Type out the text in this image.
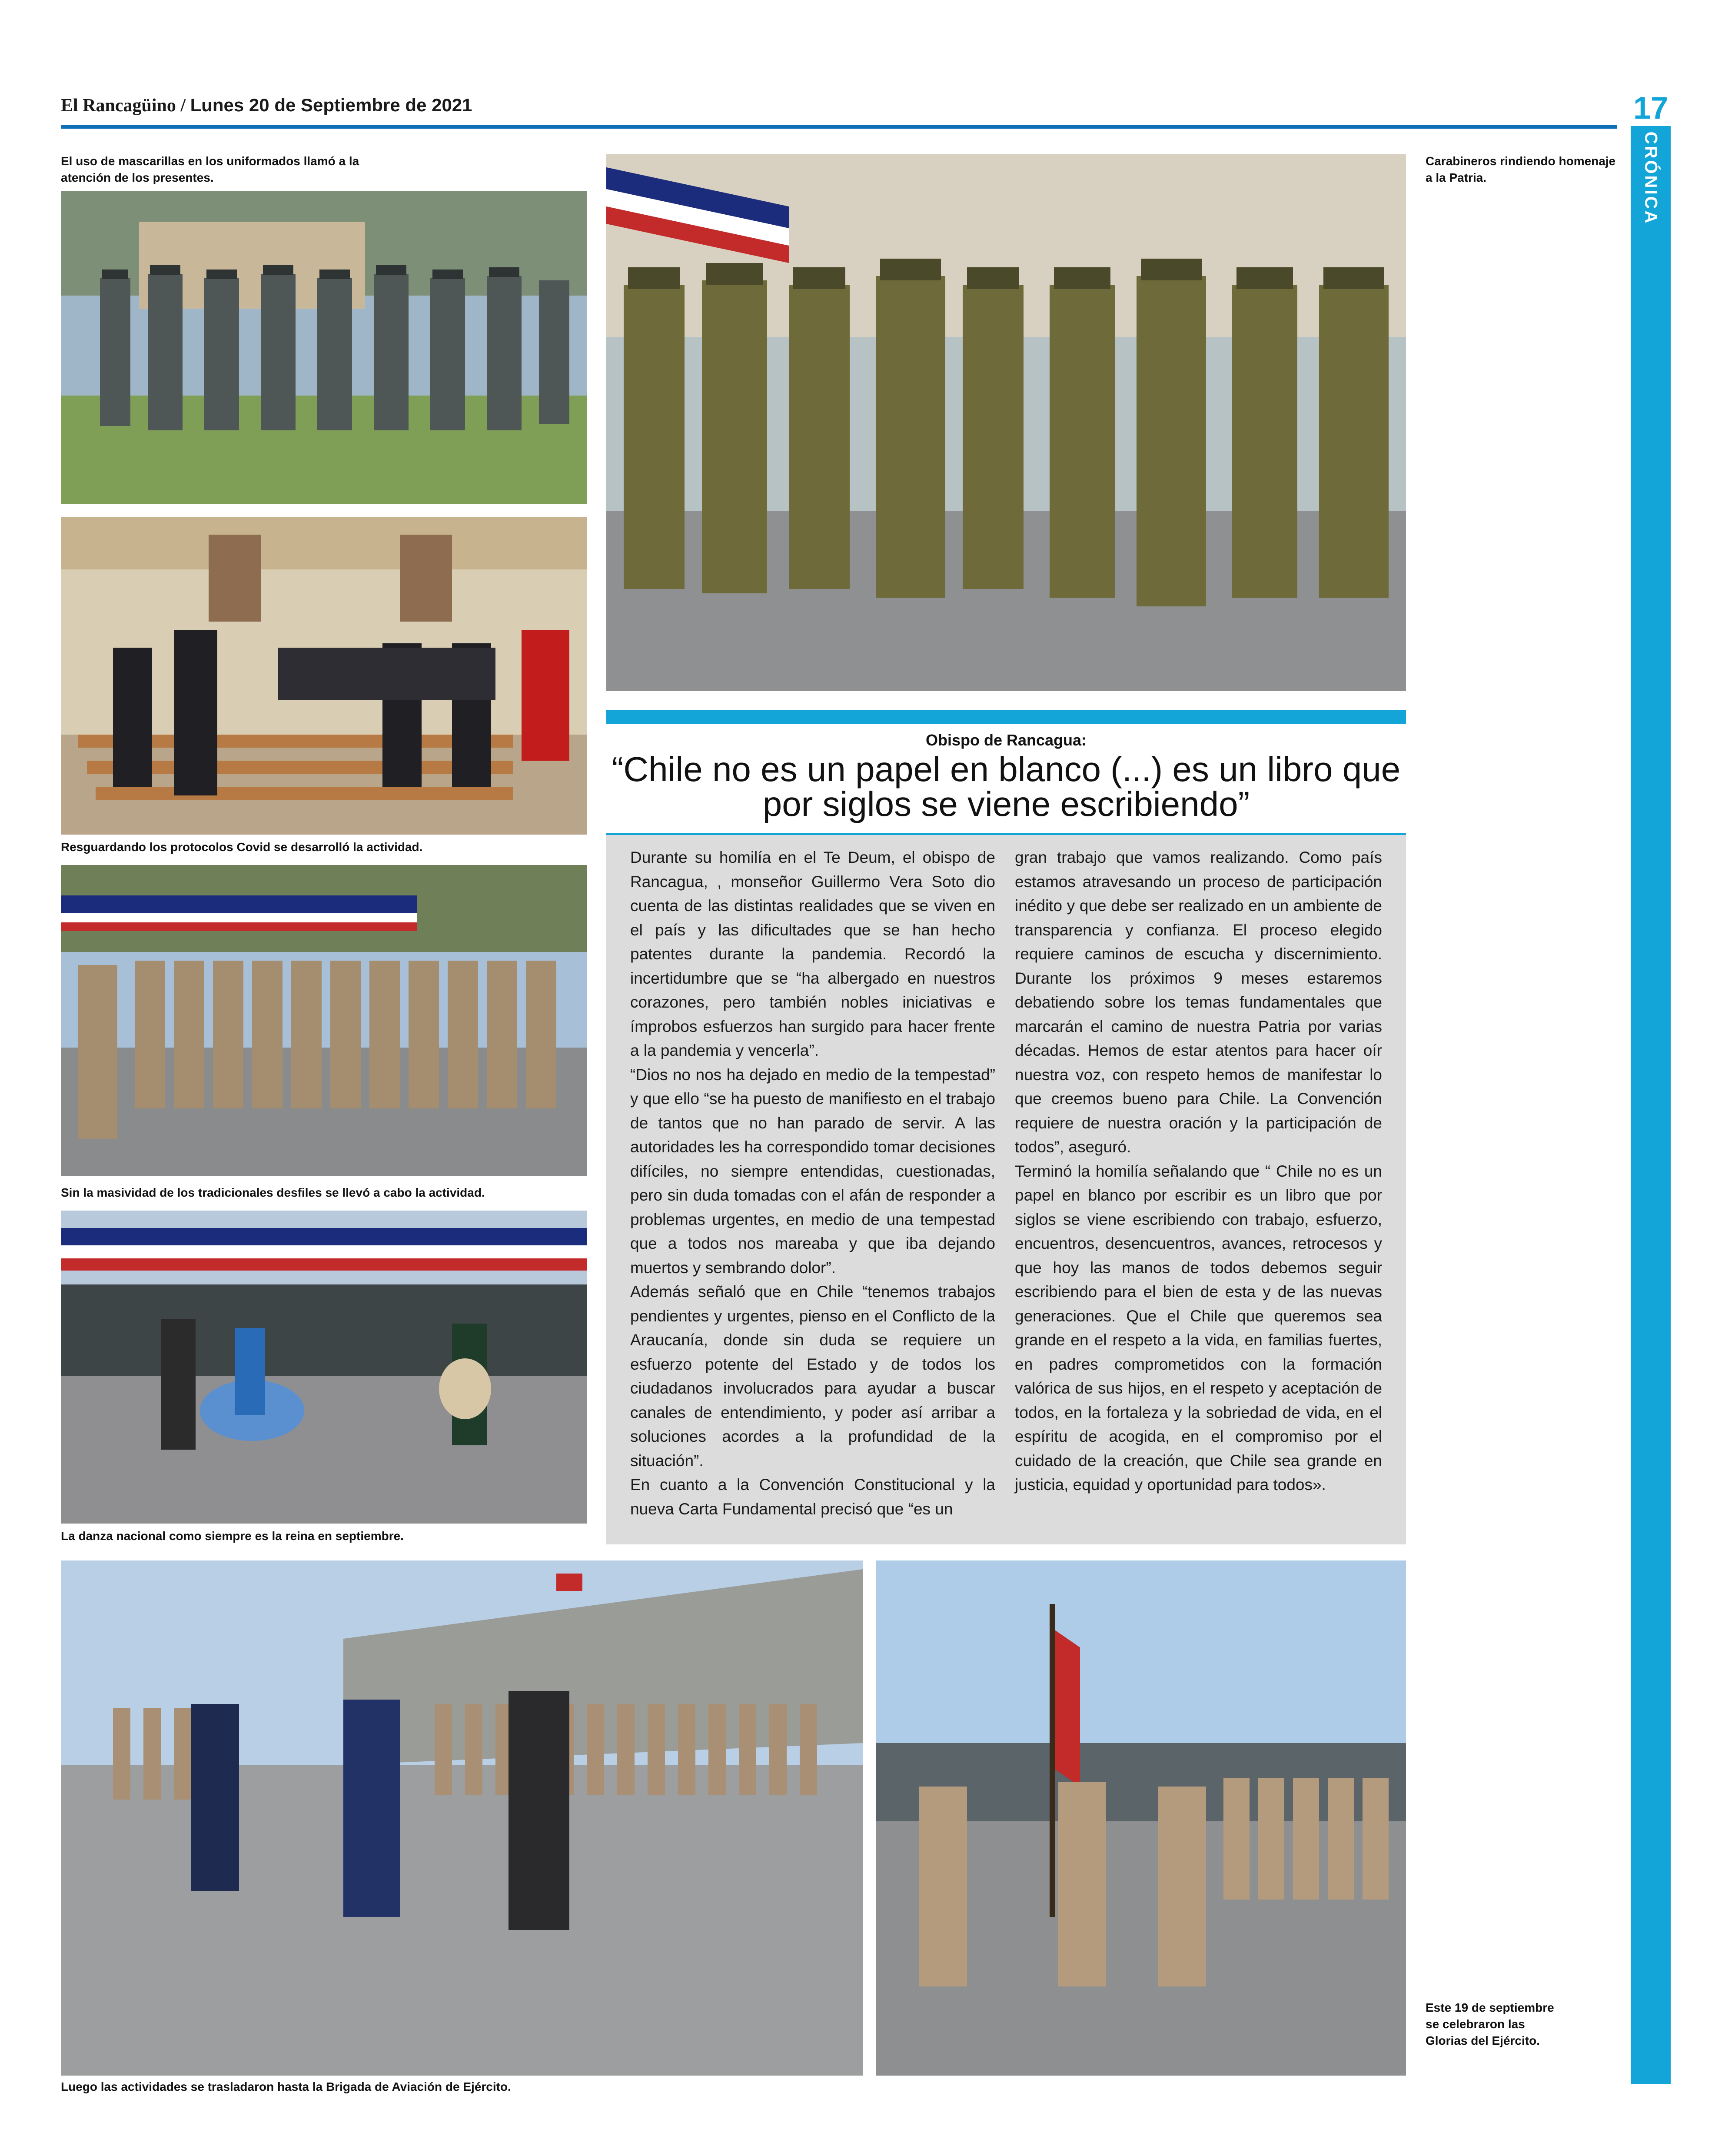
El Rancagüino / Lunes 20 de Septiembre de 2021	17
CRÓNICA
El uso de mascarillas en los uniformados llamó a la atención de los presentes.
Resguardando los protocolos Covid se desarrolló la actividad.
Sin la masividad de los tradicionales desfiles se llevó a cabo la actividad.
La danza nacional como siempre es la reina en septiembre.
Carabineros rindiendo homenaje a la Patria.
Obispo de Rancagua:
“Chile no es un papel en blanco (...) es un libro que por siglos se viene escribiendo”

Durante su homilía en el Te Deum, el obispo de Rancagua, , monseñor Guillermo Vera Soto dio cuenta de las distintas realidades que se viven en el país y las dificultades que se han hecho patentes durante la pandemia. Recordó la incertidumbre que se “ha albergado en nuestros corazones, pero también nobles iniciativas e ímprobos esfuerzos han surgido para hacer frente a la pandemia y vencerla”.

“Dios no nos ha dejado en medio de la tempestad” y que ello “se ha puesto de manifiesto en el trabajo de tantos que no han parado de servir. A las autoridades les ha correspondido tomar decisiones difíciles, no siempre entendidas, cuestionadas, pero sin duda tomadas con el afán de responder a problemas urgentes, en medio de una tempestad que a todos nos mareaba y que iba dejando muertos y sembrando dolor”.

Además señaló que en Chile “tenemos trabajos pendientes y urgentes, pienso en el Conflicto de la Araucanía, donde sin duda se requiere un esfuerzo potente del Estado y de todos los ciudadanos involucrados para ayudar a buscar canales de entendimiento, y poder así arribar a soluciones acordes a la profundidad de la situación”.

En cuanto a la Convención Constitucional y la nueva Carta Fundamental precisó que “es un

gran trabajo que vamos realizando. Como país estamos atravesando un proceso de participación inédito y que debe ser realizado en un ambiente de transparencia y confianza. El proceso elegido requiere caminos de escucha y discernimiento. Durante los próximos 9 meses estaremos debatiendo sobre los temas fundamentales que marcarán el camino de nuestra Patria por varias décadas. Hemos de estar atentos para hacer oír nuestra voz, con respeto hemos de manifestar lo que creemos bueno para Chile. La Convención requiere de nuestra oración y la participación de todos”, aseguró.

Terminó la homilía señalando que “ Chile no es un papel en blanco por escribir es un libro que por siglos se viene escribiendo con trabajo, esfuerzo, encuentros, desencuentros, avances, retrocesos y que hoy las manos de todos debemos seguir escribiendo para el bien de esta y de las nuevas generaciones. Que el Chile que queremos sea grande en el respeto a la vida, en familias fuertes, en padres comprometidos con la formación valórica de sus hijos, en el respeto y aceptación de todos, en la fortaleza y la sobriedad de vida, en el espíritu de acogida, en el compromiso por el cuidado de la creación, que Chile sea grande en justicia, equidad y oportunidad para todos».

Luego las actividades se trasladaron hasta la Brigada de Aviación de Ejército.
Este 19 de septiembre se celebraron las Glorias del Ejército.
